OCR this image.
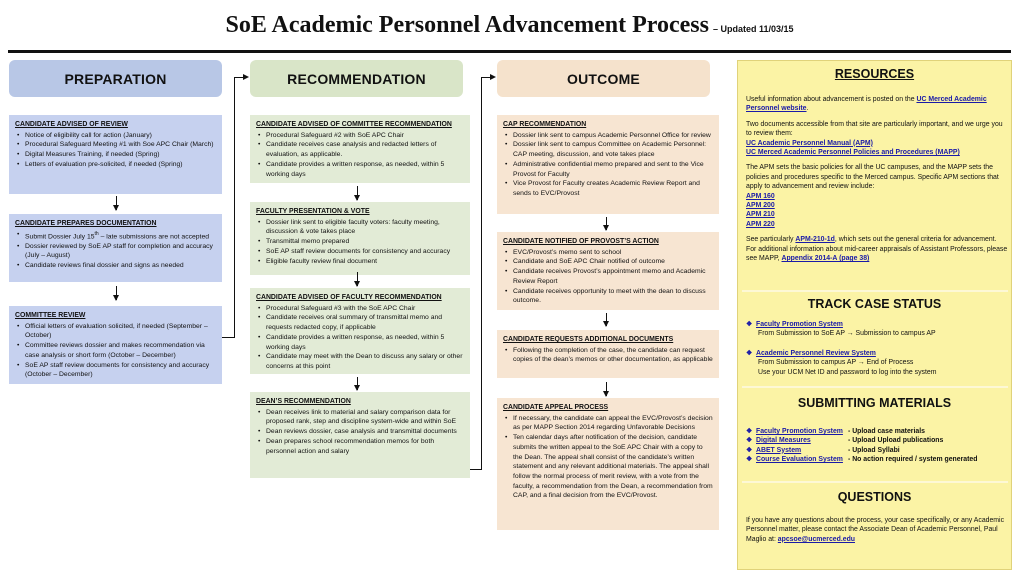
SoE Academic Personnel Advancement Process – Updated 11/03/15
PREPARATION	RECOMMENDATION	OUTCOME
CANDIDATE ADVISED OF REVIEW
• Notice of eligibility call for action (January)
• Procedural Safeguard Meeting #1 with Soe APC Chair (March)
• Digital Measures Training, if needed (Spring)
• Letters of evaluation pre-solicited, if needed (Spring)
CANDIDATE PREPARES DOCUMENTATION
• Submit Dossier July 15th – late submissions are not accepted
• Dossier reviewed by SoE AP staff for completion and accuracy (July – August)
• Candidate reviews final dossier and signs as needed
COMMITTEE REVIEW
• Official letters of evaluation solicited, if needed (September – October)
• Committee reviews dossier and makes recommendation via case analysis or short form (October – December)
• SoE AP staff review documents for consistency and accuracy (October – December)
CANDIDATE ADVISED OF COMMITTEE RECOMMENDATION
• Procedural Safeguard #2 with SoE APC Chair
• Candidate receives case analysis and redacted letters of evaluation, as applicable.
• Candidate provides a written response, as needed, within 5 working days
FACULTY PRESENTATION & VOTE
• Dossier link sent to eligible faculty voters: faculty meeting, discussion & vote takes place
• Transmittal memo prepared
• SoE AP staff review documents for consistency and accuracy
• Eligible faculty review final document
CANDIDATE ADVISED OF FACULTY RECOMMENDATION
• Procedural Safeguard #3 with the SoE APC Chair
• Candidate receives oral summary of transmittal memo and requests redacted copy, if applicable
• Candidate provides a written response, as needed, within 5 working days
• Candidate may meet with the Dean to discuss any salary or other concerns at this point
DEAN’S RECOMMENDATION
• Dean receives link to material and salary comparison data for proposed rank, step and discipline system-wide and within SoE
• Dean reviews dossier, case analysis and transmittal documents
• Dean prepares school recommendation memos for both personnel action and salary
CAP RECOMMENDATION
• Dossier link sent to campus Academic Personnel Office for review
• Dossier link sent to campus Committee on Academic Personnel: CAP meeting, discussion, and vote takes place
• Administrative confidential memo prepared and sent to the Vice Provost for Faculty
• Vice Provost for Faculty creates Academic Review Report and sends to EVC/Provost
CANDIDATE NOTIFIED OF PROVOST’S ACTION
• EVC/Provost’s memo sent to school
• Candidate and SoE APC Chair notified of outcome
• Candidate receives Provost’s appointment memo and Academic Review Report
• Candidate receives opportunity to meet with the dean to discuss outcome.
CANDIDATE REQUESTS ADDITIONAL DOCUMENTS
• Following the completion of the case, the candidate can request copies of the dean’s memos or other documentation, as applicable
CANDIDATE APPEAL PROCESS
• If necessary, the candidate can appeal the EVC/Provost’s decision as per MAPP Section 2014 regarding Unfavorable Decisions
• Ten calendar days after notification of the decision, candidate submits the written appeal to the SoE APC Chair with a copy to the Dean. The appeal shall consist of the candidate’s written statement and any relevant additional materials. The appeal shall follow the normal process of merit review, with a vote from the faculty, a recommendation from the Dean, a recommendation from CAP, and a final decision from the EVC/Provost.
RESOURCES

Useful information about advancement is posted on the UC Merced Academic Personnel website.

Two documents accessible from that site are particularly important, and we urge you to review them:

UC Academic Personnel Manual (APM)
UC Merced Academic Personnel Policies and Procedures (MAPP)

The APM sets the basic policies for all the UC campuses, and the MAPP sets the policies and procedures specific to the Merced campus. Specific APM sections that apply to advancement and review include:

APM 160
APM 200
APM 210
APM 220

See particularly APM-210-1d, which sets out the general criteria for advancement. For additional information about mid-career appraisals of Assistant Professors, please see MAPP, Appendix 2014-A (page 38)

TRACK CASE STATUS
❖ Faculty Promotion System
From Submission to SoE AP → Submission to campus AP
❖ Academic Personnel Review System
From Submission to campus AP → End of Process
Use your UCM Net ID and password to log into the system
SUBMITTING MATERIALS
❖ Faculty Promotion System - Upload case materials
❖ Digital Measures	- Upload Upload publications
❖ ABET System	- Upload Syllabi
❖ Course Evaluation System - No action required / system generated
QUESTIONS

If you have any questions about the process, your case specifically, or any Academic Personnel matter, please contact the Associate Dean of Academic Personnel, Paul Maglio at: apcsoe@ucmerced.edu
